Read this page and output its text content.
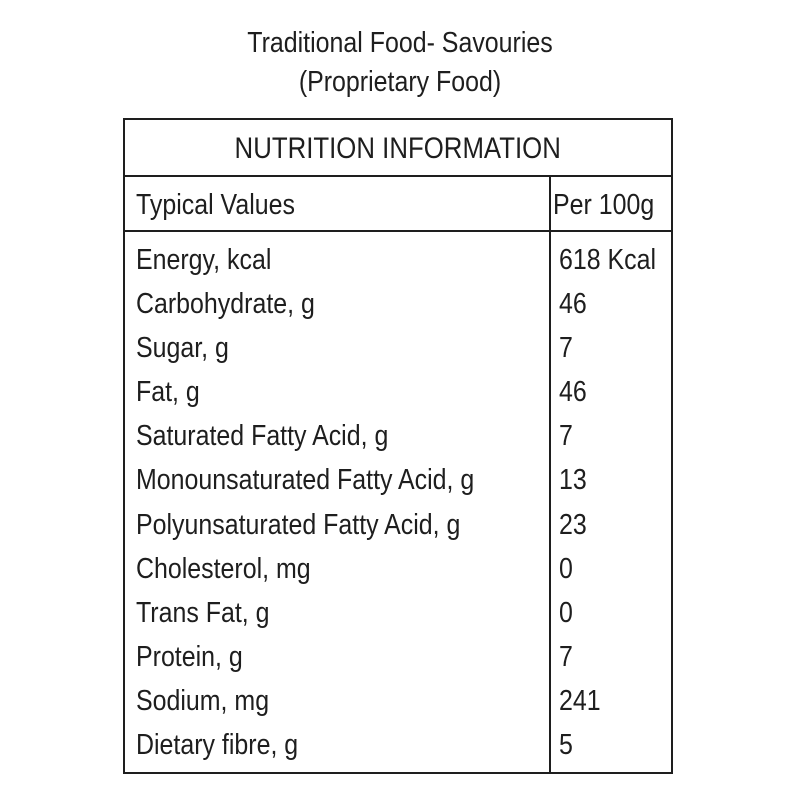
Traditional Food- Savouries
(Proprietary Food)
NUTRITION INFORMATION
Typical Values	Per 100g
Energy, kcal	618 Kcal
Carbohydrate, g	46
Sugar, g	7
Fat, g	46
Saturated Fatty Acid, g	7
Monounsaturated Fatty Acid, g	13
Polyunsaturated Fatty Acid, g	23
Cholesterol, mg	0
Trans Fat, g	0
Protein, g	7
Sodium, mg	241
Dietary fibre, g	5
